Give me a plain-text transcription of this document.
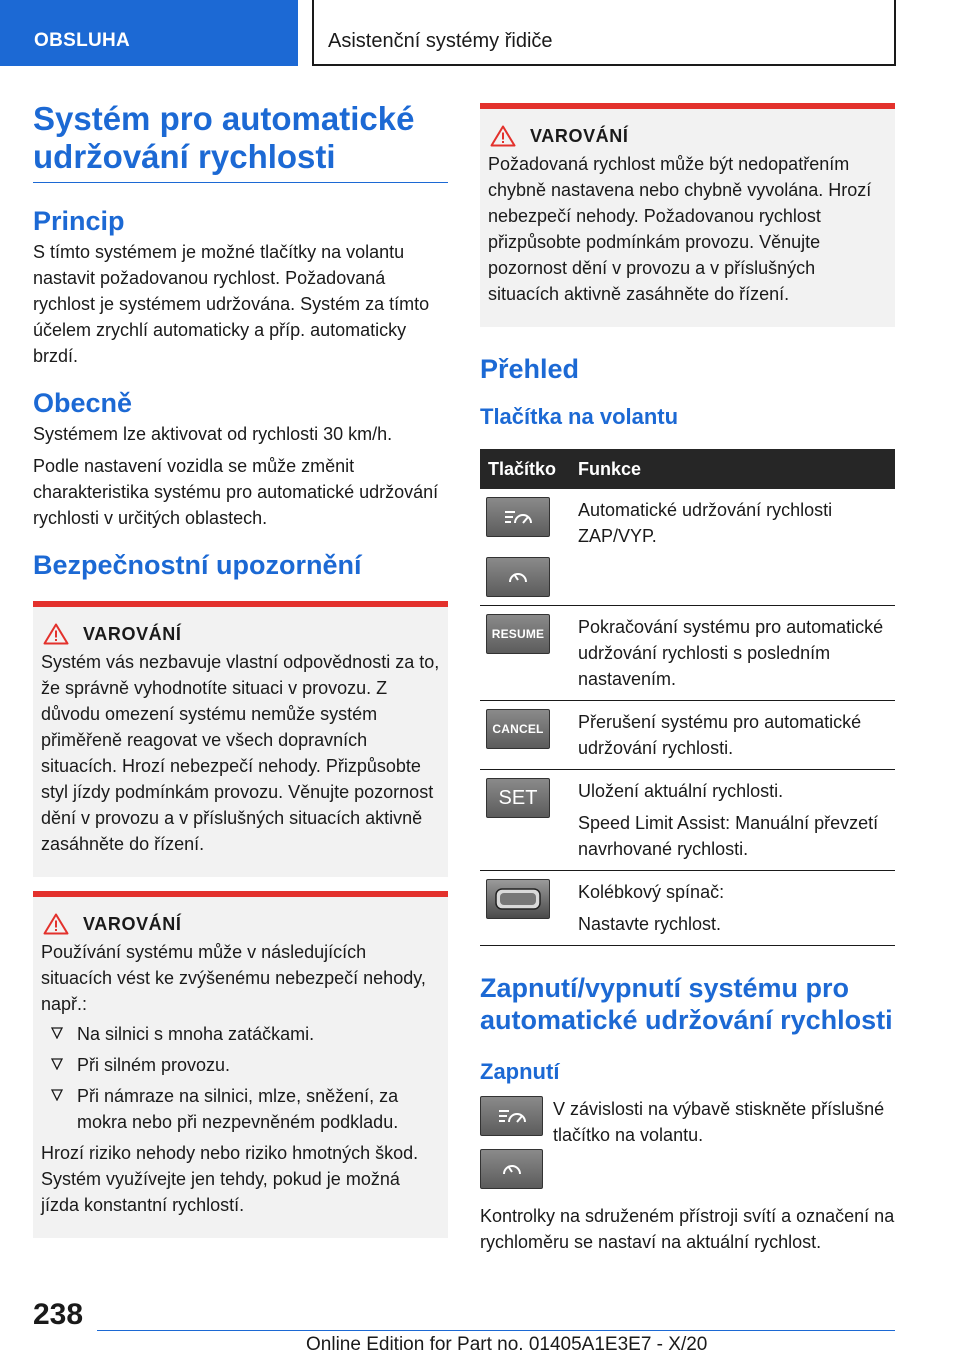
OBSLUHA	Asistenční systémy řidiče
Systém pro automatické udržování rychlosti
Princip

S tímto systémem je možné tlačítky na volantu nastavit požadovanou rychlost. Požadovaná rychlost je systémem udržována. Systém za tímto účelem zrychlí automaticky a příp. automaticky brzdí.

Obecně

Systémem lze aktivovat od rychlosti 30 km/h.

Podle nastavení vozidla se může změnit charakteristika systému pro automatické udržování rychlosti v určitých oblastech.

Bezpečnostní upozornění
VAROVÁNÍ

Systém vás nezbavuje vlastní odpovědnosti za to, že správně vyhodnotíte situaci v provozu. Z důvodu omezení systému nemůže systém přiměřeně reagovat ve všech dopravních situacích. Hrozí nebezpečí nehody. Přizpůsobte styl jízdy podmínkám provozu. Věnujte pozornost dění v provozu a v příslušných situacích aktivně zasáhněte do řízení.

VAROVÁNÍ

Používání systému může v následujících situacích vést ke zvýšenému nebezpečí nehody, např.:

Na silnici s mnoha zatáčkami.
Při silném provozu.
Při námraze na silnici, mlze, sněžení, za mokra nebo při nezpevněném podkladu.

Hrozí riziko nehody nebo riziko hmotných škod. Systém využívejte jen tehdy, pokud je možná jízda konstantní rychlostí.

VAROVÁNÍ

Požadovaná rychlost může být nedopatřením chybně nastavena nebo chybně vyvolána. Hrozí nebezpečí nehody. Požadovanou rychlost přizpůsobte podmínkám provozu. Věnujte pozornost dění v provozu a v příslušných situacích aktivně zasáhněte do řízení.

Přehled
Tlačítka na volantu
Tlačítko	Funkce

Automatické udržování rychlosti ZAP/VYP.

RESUME	Pokračování systému pro automatické udržování rychlosti s posledním nastavením.

CANCEL	Přerušení systému pro automatické udržování rychlosti.

SET	Uložení aktuální rychlosti.

Speed Limit Assist: Manuální převzetí navrhované rychlosti.

Kolébkový spínač:

Nastavte rychlost.

Zapnutí/vypnutí systému pro automatické udržování rychlosti
Zapnutí

V závislosti na výbavě stiskněte příslušné tlačítko na volantu.

Kontrolky na sdruženém přístroji svítí a označení na rychloměru se nastaví na aktuální rychlost.

238
Online Edition for Part no. 01405A1E3E7 - X/20
